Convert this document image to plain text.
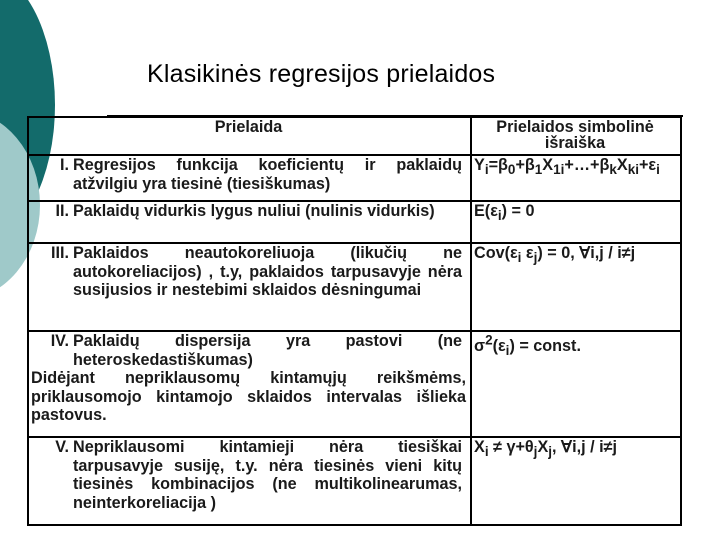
Klasikinės regresijos prielaidos
Prielaida	Prielaidos simbolinė išraiška
I. Regresijos funkcija koeficientų ir paklaidų atžvilgiu yra tiesinė (tiesiškumas)	$Y_i=\beta_0+\beta_1X_{1i}+\dots+\beta_kX_{ki}+\varepsilon_i$
II. Paklaidų vidurkis lygus nuliui (nulinis vidurkis)	$E(\varepsilon_i) = 0$
III. Paklaidos neautokoreliuoja (likučių ne autokoreliacijos) , t.y, paklaidos tarpusavyje nėra susijusios ir nestebimi sklaidos dėsningumai	$Cov(\varepsilon_i$ $\varepsilon_j) = 0$, ∀i,j / i≠j
IV. Paklaidų dispersija yra pastovi (ne heteroskedastiškumas)
Didėjant nepriklausomų kintamųjų reikšmėms, priklausomojo kintamojo sklaidos intervalas išlieka pastovus.	$\sigma^2(\varepsilon_i)$ = const.
V. Nepriklausomi kintamieji nėra tiesiškai tarpusavyje susiję, t.y. nėra tiesinės vieni kitų tiesinės kombinacijos (ne multikolinearumas, neinterkoreliacija )	$X_i \ne \gamma+\theta_jX_j$, ∀i,j / i≠j
